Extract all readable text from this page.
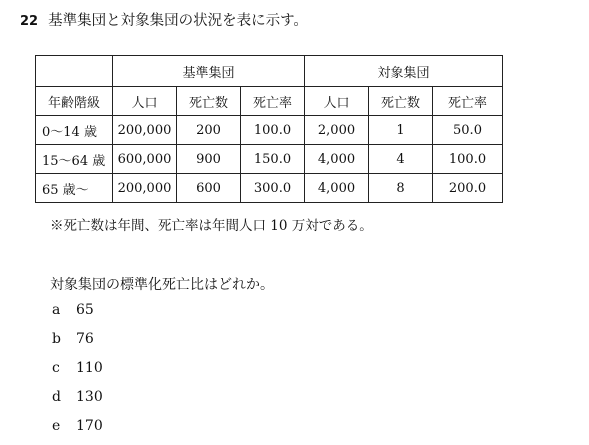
22 基準集団と対象集団の状況を表に示す。
	基準集団			対象集団		
年齢階級	人口	死亡数	死亡率	人口	死亡数	死亡率
0〜14 歳	200,000	200	100.0	2,000	1	50.0
15〜64 歳	600,000	900	150.0	4,000	4	100.0
65 歳〜	200,000	600	300.0	4,000	8	200.0
※死亡数は年間、死亡率は年間人口 10 万対である。
対象集団の標準化死亡比はどれか。
a 65
b 76
c 110
d 130
e 170
